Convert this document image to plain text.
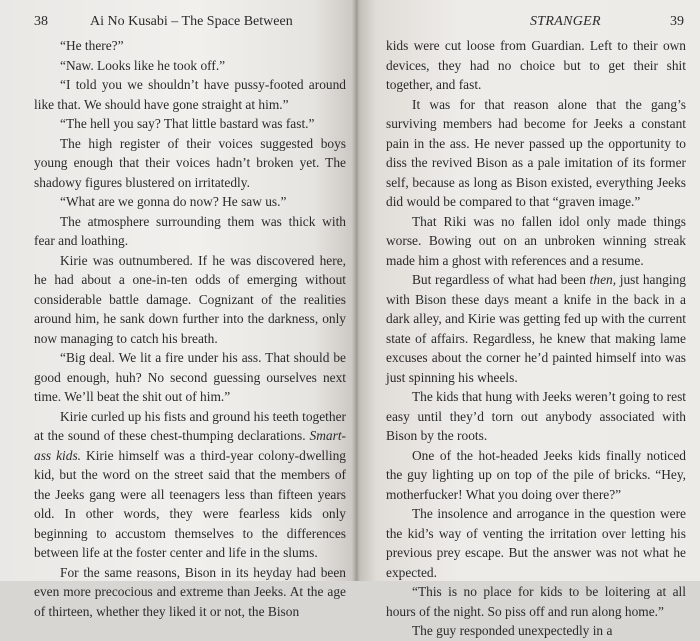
38	Ai No Kusabi – The Space Between

“He there?”

“Naw. Looks like he took off.”

“I told you we shouldn’t have pussy-footed around like that. We should have gone straight at him.”

“The hell you say? That little bastard was fast.”

The high register of their voices suggested boys young enough that their voices hadn’t broken yet. The shadowy figures blustered on irritatedly.

“What are we gonna do now? He saw us.”

The atmosphere surrounding them was thick with fear and loathing.

Kirie was outnumbered. If he was discovered here, he had about a one-in-ten odds of emerging without considerable battle damage. Cognizant of the realities around him, he sank down further into the darkness, only now managing to catch his breath.

“Big deal. We lit a fire under his ass. That should be good enough, huh? No second guessing ourselves next time. We’ll beat the shit out of him.”

Kirie curled up his fists and ground his teeth together at the sound of these chest-thumping declarations. Smart-ass kids. Kirie himself was a third-year colony-dwelling kid, but the word on the street said that the members of the Jeeks gang were all teenagers less than fifteen years old. In other words, they were fearless kids only beginning to accustom themselves to the differences between life at the foster center and life in the slums.

For the same reasons, Bison in its heyday had been even more precocious and extreme than Jeeks. At the age of thirteen, whether they liked it or not, the Bison

STRANGER	39

kids were cut loose from Guardian. Left to their own devices, they had no choice but to get their shit together, and fast.

It was for that reason alone that the gang’s surviving members had become for Jeeks a constant pain in the ass. He never passed up the opportunity to diss the revived Bison as a pale imitation of its former self, because as long as Bison existed, everything Jeeks did would be compared to that “graven image.”

That Riki was no fallen idol only made things worse. Bowing out on an unbroken winning streak made him a ghost with references and a resume.

But regardless of what had been then, just hanging with Bison these days meant a knife in the back in a dark alley, and Kirie was getting fed up with the current state of affairs. Regardless, he knew that making lame excuses about the corner he’d painted himself into was just spinning his wheels.

The kids that hung with Jeeks weren’t going to rest easy until they’d torn out anybody associated with Bison by the roots.

One of the hot-headed Jeeks kids finally noticed the guy lighting up on top of the pile of bricks. “Hey, motherfucker! What you doing over there?”

The insolence and arrogance in the question were the kid’s way of venting the irritation over letting his previous prey escape. But the answer was not what he expected.

“This is no place for kids to be loitering at all hours of the night. So piss off and run along home.”

The guy responded unexpectedly in a
